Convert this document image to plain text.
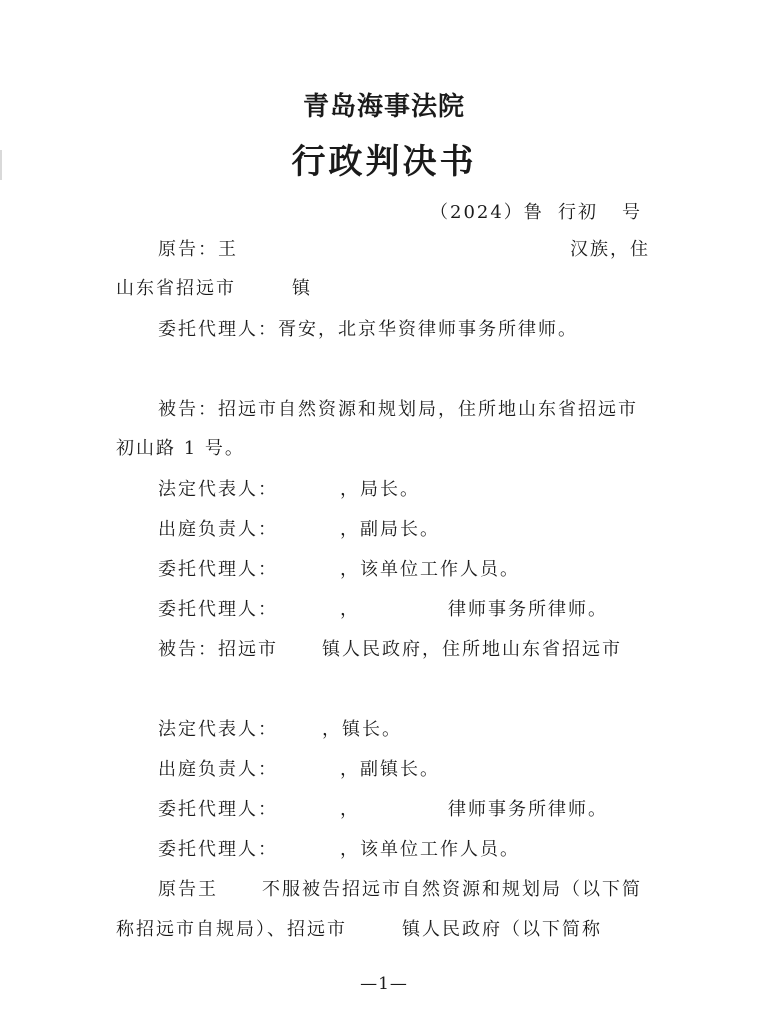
青岛海事法院
行政判决书
（2024）鲁 行初 号
原告：王	汉族，住
山东省招远市	镇
委托代理人：胥安，北京华资律师事务所律师。
被告：招远市自然资源和规划局，住所地山东省招远市
初山路 1 号。
法定代表人：	，局长。
出庭负责人：	，副局长。
委托代理人：	，该单位工作人员。
委托代理人：	，	律师事务所律师。
被告：招远市 镇人民政府，住所地山东省招远市
法定代表人： ，镇长。
出庭负责人：	，副镇长。
委托代理人：	，	律师事务所律师。
委托代理人：	，该单位工作人员。
原告王 不服被告招远市自然资源和规划局（以下简
称招远市自规局）、招远市	镇人民政府（以下简称
—1—
